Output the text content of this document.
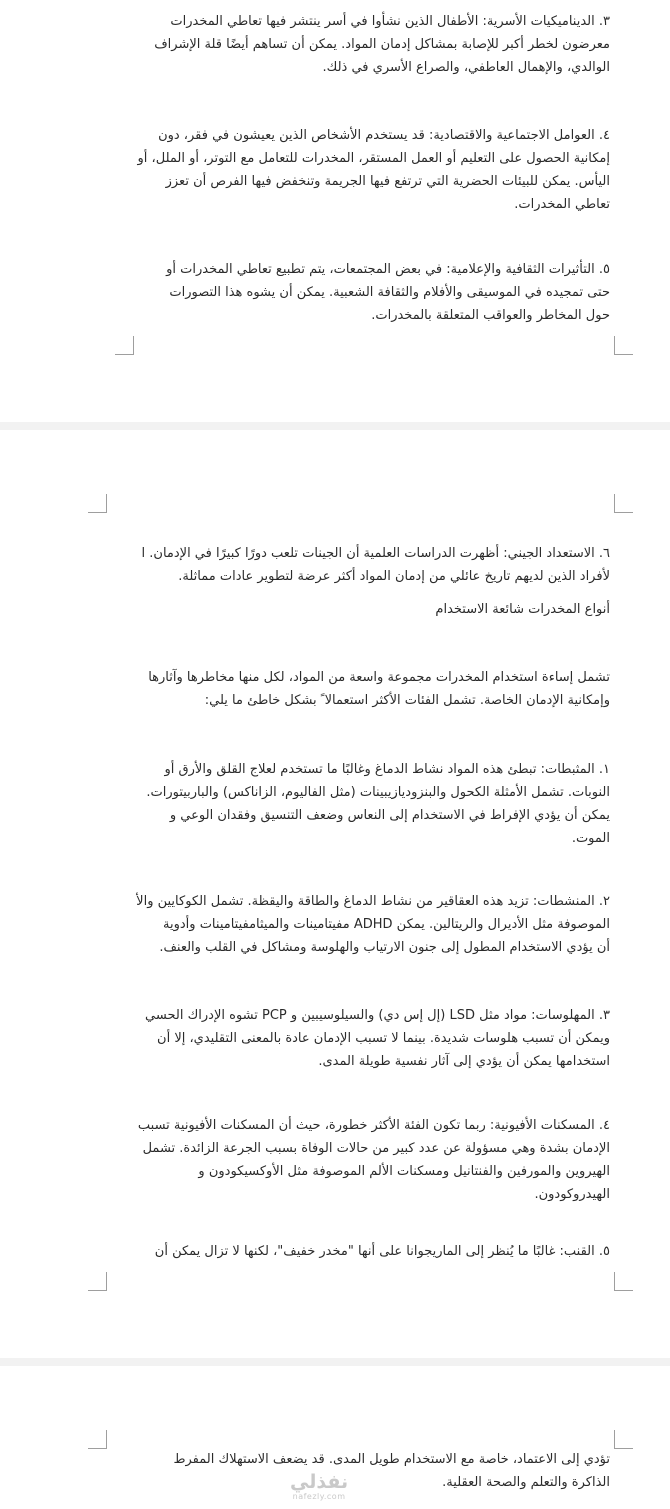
٣. الديناميكيات الأسرية: الأطفال الذين نشأوا في أسر ينتشر فيها تعاطي المخدرات
معرضون لخطر أكبر للإصابة بمشاكل إدمان المواد. يمكن أن تساهم أيضًا قلة الإشراف
الوالدي، والإهمال العاطفي، والصراع الأسري في ذلك.
٤. العوامل الاجتماعية والاقتصادية: قد يستخدم الأشخاص الذين يعيشون في فقر، دون
إمكانية الحصول على التعليم أو العمل المستقر، المخدرات للتعامل مع التوتر، أو الملل، أو
اليأس. يمكن للبيئات الحضرية التي ترتفع فيها الجريمة وتنخفض فيها الفرص أن تعزز
تعاطي المخدرات.
٥. التأثيرات الثقافية والإعلامية: في بعض المجتمعات، يتم تطبيع تعاطي المخدرات أو
حتى تمجيده في الموسيقى والأفلام والثقافة الشعبية. يمكن أن يشوه هذا التصورات
حول المخاطر والعواقب المتعلقة بالمخدرات.
٦. الاستعداد الجيني: أظهرت الدراسات العلمية أن الجينات تلعب دورًا كبيرًا في الإدمان. ا
لأفراد الذين لديهم تاريخ عائلي من إدمان المواد أكثر عرضة لتطوير عادات مماثلة.
أنواع المخدرات شائعة الاستخدام
تشمل إساءة استخدام المخدرات مجموعة واسعة من المواد، لكل منها مخاطرها وآثارها
وإمكانية الإدمان الخاصة. تشمل الفئات الأكثر استعمالا ً بشكل خاطئ ما يلي:
١. المثبطات: تبطئ هذه المواد نشاط الدماغ وغالبًا ما تستخدم لعلاج القلق والأرق أو
النوبات. تشمل الأمثلة الكحول والبنزوديازيبينات (مثل الفاليوم، الزاناكس) والباربيتورات.
يمكن أن يؤدي الإفراط في الاستخدام إلى النعاس وضعف التنسيق وفقدان الوعي و
الموت.
٢. المنشطات: تزيد هذه العقاقير من نشاط الدماغ والطاقة واليقظة. تشمل الكوكايين والأ
الموصوفة مثل الأديرال والريتالين. يمكن ADHD مفيتامينات والميثامفيتامينات وأدوية
أن يؤدي الاستخدام المطول إلى جنون الارتياب والهلوسة ومشاكل في القلب والعنف.
٣. المهلوسات: مواد مثل LSD (إل إس دي) والسيلوسيبين و PCP تشوه الإدراك الحسي
ويمكن أن تسبب هلوسات شديدة. بينما لا تسبب الإدمان عادة بالمعنى التقليدي، إلا أن
استخدامها يمكن أن يؤدي إلى آثار نفسية طويلة المدى.
٤. المسكنات الأفيونية: ربما تكون الفئة الأكثر خطورة، حيث أن المسكنات الأفيونية تسبب
الإدمان بشدة وهي مسؤولة عن عدد كبير من حالات الوفاة بسبب الجرعة الزائدة. تشمل
الهيروين والمورفين والفنتانيل ومسكنات الألم الموصوفة مثل الأوكسيكودون و
الهيدروكودون.
٥. القنب: غالبًا ما يُنظر إلى الماريجوانا على أنها "مخدر خفيف"، لكنها لا تزال يمكن أن
تؤدي إلى الاعتماد، خاصة مع الاستخدام طويل المدى. قد يضعف الاستهلاك المفرط
الذاكرة والتعلم والصحة العقلية.
نفذلي
nafezly.com
